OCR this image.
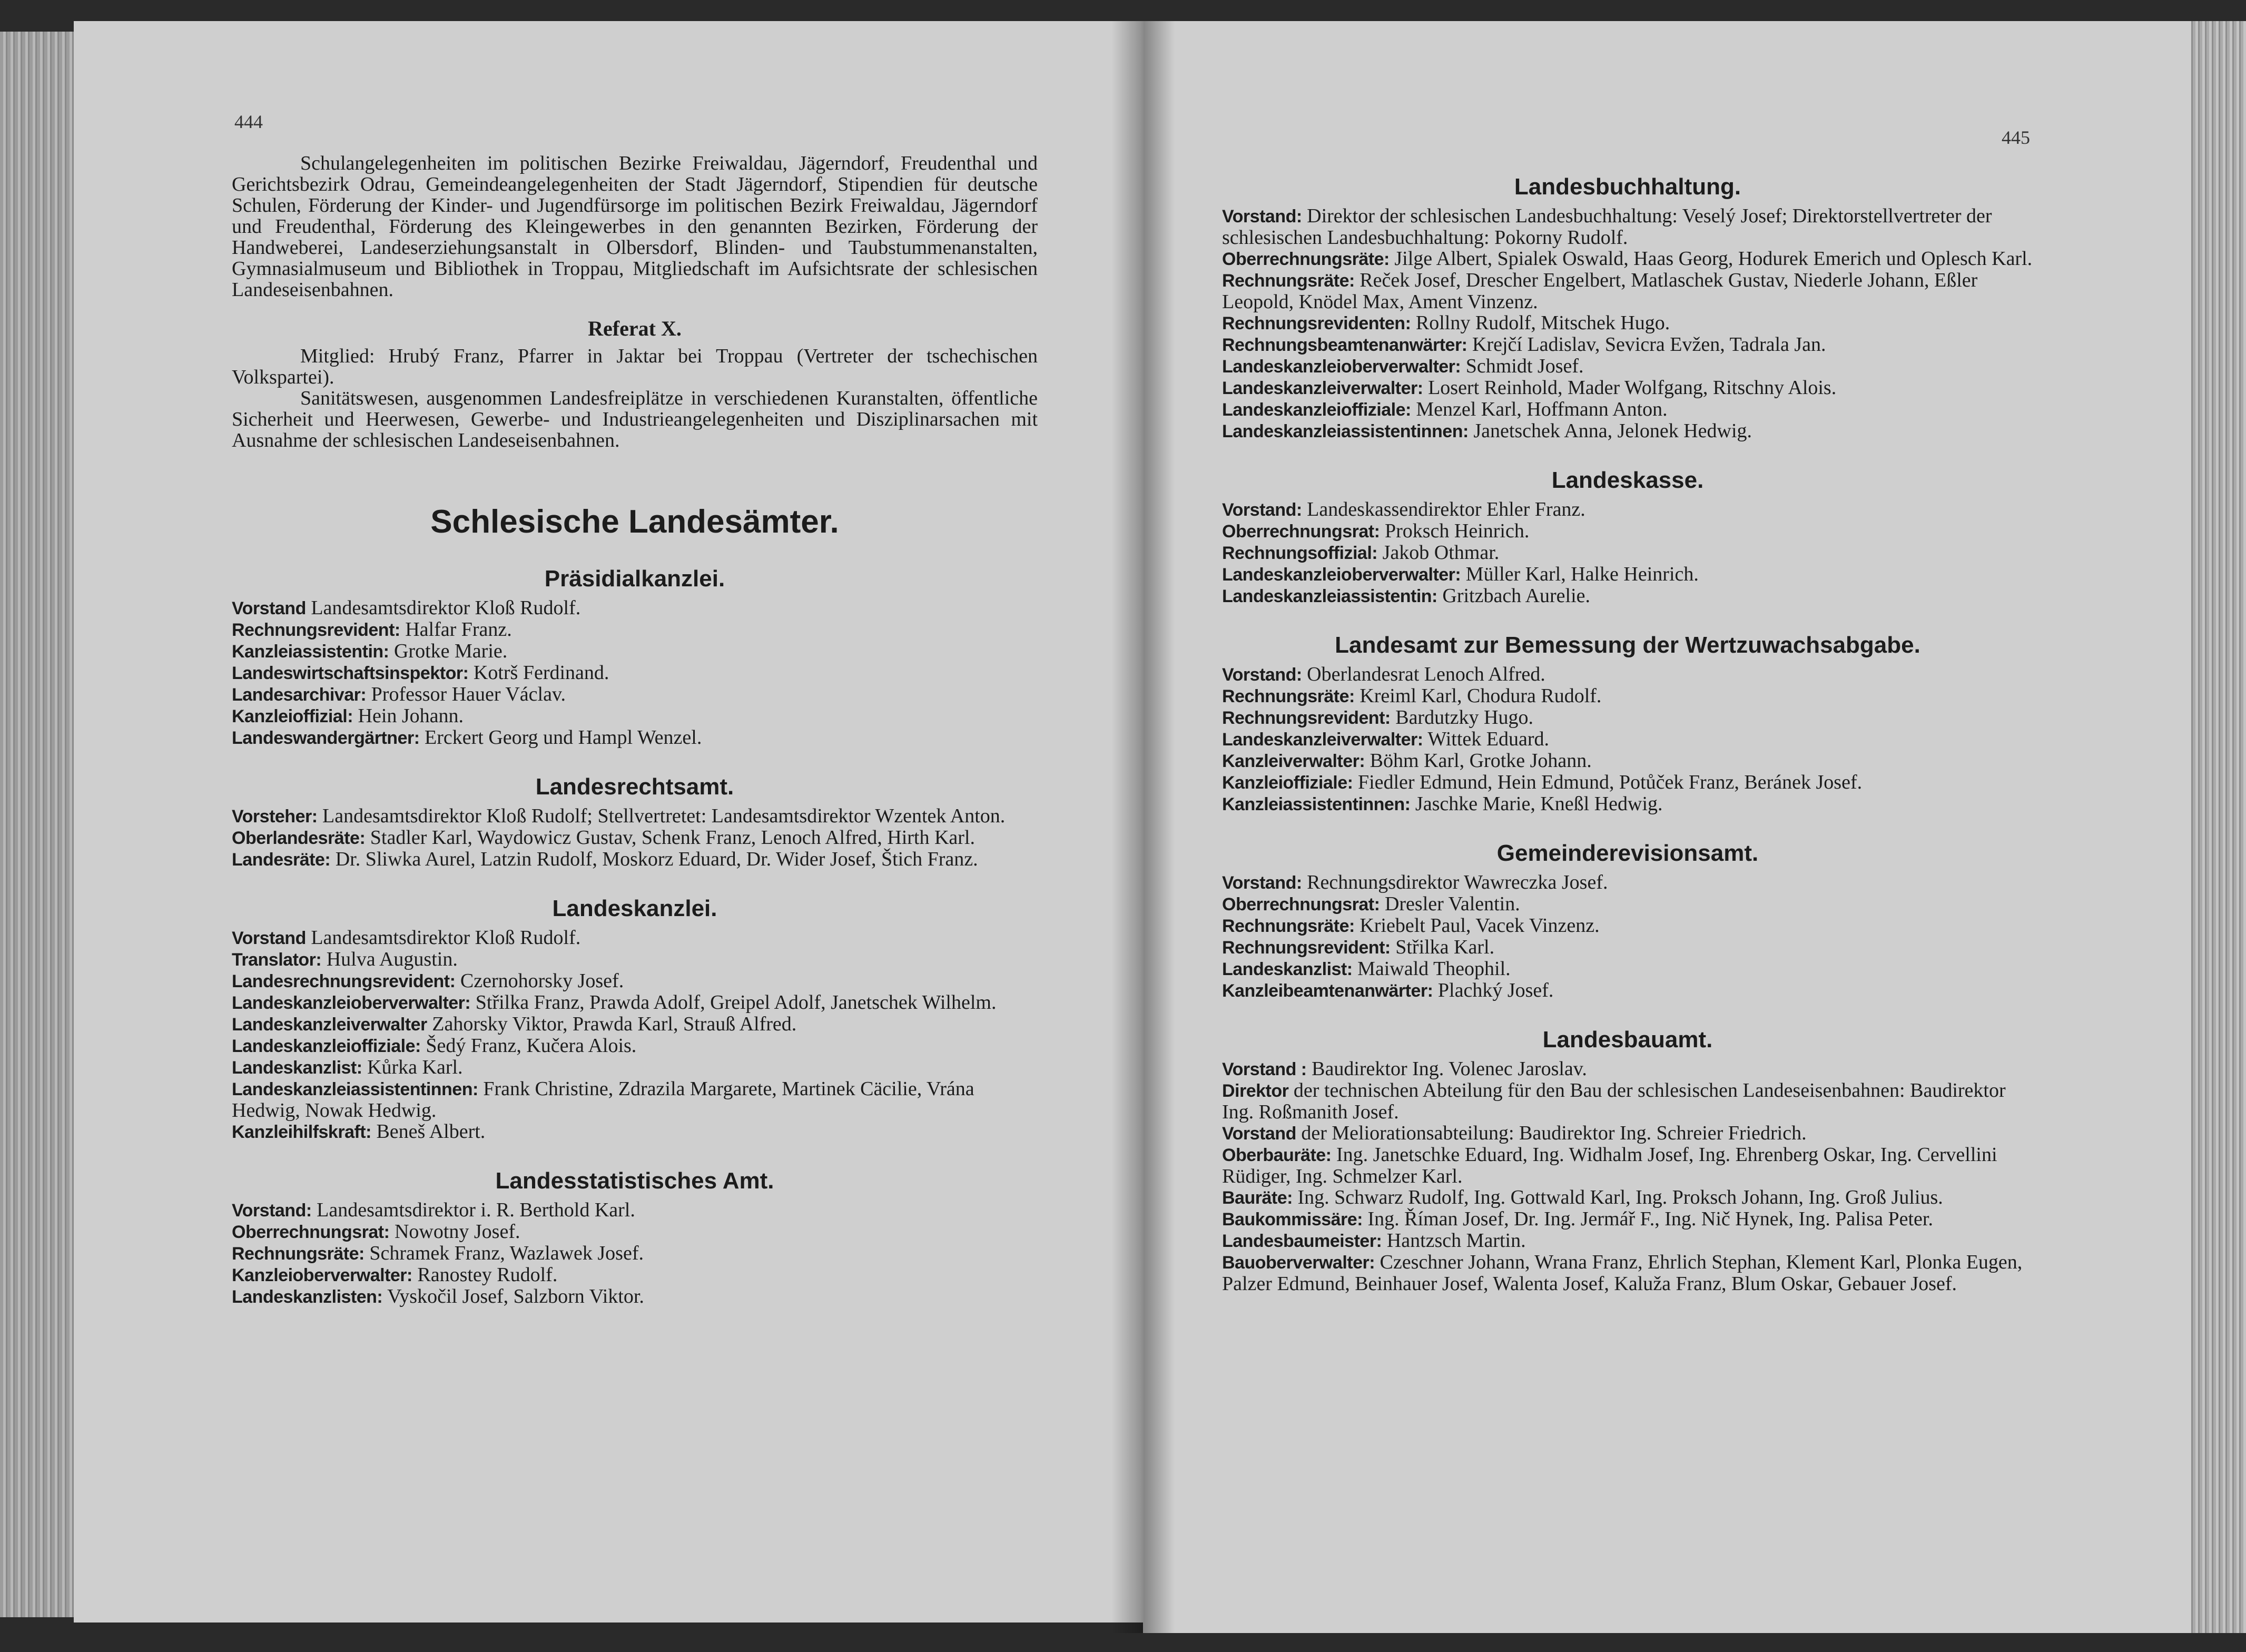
444
445

Schulangelegenheiten im politischen Bezirke Freiwaldau, Jägerndorf, Freudenthal und Gerichtsbezirk Odrau, Gemeindeangelegenheiten der Stadt Jägerndorf, Stipendien für deutsche Schulen, Förderung der Kinder- und Jugendfürsorge im politischen Bezirk Freiwaldau, Jägerndorf und Freudenthal, Förderung des Kleingewerbes in den genannten Bezirken, Förderung der Handweberei, Landeserziehungsanstalt in Olbersdorf, Blinden- und Taubstummenanstalten, Gymnasialmuseum und Bibliothek in Troppau, Mitgliedschaft im Aufsichtsrate der schlesischen Landeseisenbahnen.

Referat X.

Mitglied: Hrubý Franz, Pfarrer in Jaktar bei Troppau (Vertreter der tschechischen Volkspartei).

Sanitätswesen, ausgenommen Landesfreiplätze in verschiedenen Kuranstalten, öffentliche Sicherheit und Heerwesen, Gewerbe- und Industrieangelegenheiten und Disziplinarsachen mit Ausnahme der schlesischen Landeseisenbahnen.

Schlesische Landesämter.
Präsidialkanzlei.
Vorstand Landesamtsdirektor Kloß Rudolf.
Rechnungsrevident: Halfar Franz.
Kanzleiassistentin: Grotke Marie.
Landeswirtschaftsinspektor: Kotrš Ferdinand.
Landesarchivar: Professor Hauer Václav.
Kanzleioffizial: Hein Johann.
Landeswandergärtner: Erckert Georg und Hampl Wenzel.
Landesrechtsamt.
Vorsteher: Landesamtsdirektor Kloß Rudolf; Stellvertretet: Landesamtsdirektor Wzentek Anton.
Oberlandesräte: Stadler Karl, Waydowicz Gustav, Schenk Franz, Lenoch Alfred, Hirth Karl.
Landesräte: Dr. Sliwka Aurel, Latzin Rudolf, Moskorz Eduard, Dr. Wider Josef, Štich Franz.
Landeskanzlei.
Vorstand Landesamtsdirektor Kloß Rudolf.
Translator: Hulva Augustin.
Landesrechnungsrevident: Czernohorsky Josef.
Landeskanzleioberverwalter: Střilka Franz, Prawda Adolf, Greipel Adolf, Janetschek Wilhelm.
Landeskanzleiverwalter Zahorsky Viktor, Prawda Karl, Strauß Alfred.
Landeskanzleioffiziale: Šedý Franz, Kučera Alois.
Landeskanzlist: Kůrka Karl.
Landeskanzleiassistentinnen: Frank Christine, Zdrazila Margarete, Martinek Cäcilie, Vrána Hedwig, Nowak Hedwig.
Kanzleihilfskraft: Beneš Albert.
Landesstatistisches Amt.
Vorstand: Landesamtsdirektor i. R. Berthold Karl.
Oberrechnungsrat: Nowotny Josef.
Rechnungsräte: Schramek Franz, Wazlawek Josef.
Kanzleioberverwalter: Ranostey Rudolf.
Landeskanzlisten: Vyskočil Josef, Salzborn Viktor.
Landesbuchhaltung.
Vorstand: Direktor der schlesischen Landesbuchhaltung: Veselý Josef; Direktorstellvertreter der schlesischen Landesbuchhaltung: Pokorny Rudolf.
Oberrechnungsräte: Jilge Albert, Spialek Oswald, Haas Georg, Hodurek Emerich und Oplesch Karl.
Rechnungsräte: Reček Josef, Drescher Engelbert, Matlaschek Gustav, Niederle Johann, Eßler Leopold, Knödel Max, Ament Vinzenz.
Rechnungsrevidenten: Rollny Rudolf, Mitschek Hugo.
Rechnungsbeamtenanwärter: Krejčí Ladislav, Sevicra Evžen, Tadrala Jan.
Landeskanzleioberverwalter: Schmidt Josef.
Landeskanzleiverwalter: Losert Reinhold, Mader Wolfgang, Ritschny Alois.
Landeskanzleioffiziale: Menzel Karl, Hoffmann Anton.
Landeskanzleiassistentinnen: Janetschek Anna, Jelonek Hedwig.
Landeskasse.
Vorstand: Landeskassendirektor Ehler Franz.
Oberrechnungsrat: Proksch Heinrich.
Rechnungsoffizial: Jakob Othmar.
Landeskanzleioberverwalter: Müller Karl, Halke Heinrich.
Landeskanzleiassistentin: Gritzbach Aurelie.
Landesamt zur Bemessung der Wertzuwachsabgabe.
Vorstand: Oberlandesrat Lenoch Alfred.
Rechnungsräte: Kreiml Karl, Chodura Rudolf.
Rechnungsrevident: Bardutzky Hugo.
Landeskanzleiverwalter: Wittek Eduard.
Kanzleiverwalter: Böhm Karl, Grotke Johann.
Kanzleioffiziale: Fiedler Edmund, Hein Edmund, Potůček Franz, Beránek Josef.
Kanzleiassistentinnen: Jaschke Marie, Kneßl Hedwig.
Gemeinderevisionsamt.
Vorstand: Rechnungsdirektor Wawreczka Josef.
Oberrechnungsrat: Dresler Valentin.
Rechnungsräte: Kriebelt Paul, Vacek Vinzenz.
Rechnungsrevident: Střilka Karl.
Landeskanzlist: Maiwald Theophil.
Kanzleibeamtenanwärter: Plachký Josef.
Landesbauamt.
Vorstand : Baudirektor Ing. Volenec Jaroslav.
Direktor der technischen Abteilung für den Bau der schlesischen Landeseisenbahnen: Baudirektor Ing. Roßmanith Josef.
Vorstand der Meliorationsabteilung: Baudirektor Ing. Schreier Friedrich.
Oberbauräte: Ing. Janetschke Eduard, Ing. Widhalm Josef, Ing. Ehrenberg Oskar, Ing. Cervellini Rüdiger, Ing. Schmelzer Karl.
Bauräte: Ing. Schwarz Rudolf, Ing. Gottwald Karl, Ing. Proksch Johann, Ing. Groß Julius.
Baukommissäre: Ing. Říman Josef, Dr. Ing. Jermář F., Ing. Nič Hynek, Ing. Palisa Peter.
Landesbaumeister: Hantzsch Martin.
Bauoberverwalter: Czeschner Johann, Wrana Franz, Ehrlich Stephan, Klement Karl, Plonka Eugen, Palzer Edmund, Beinhauer Josef, Walenta Josef, Kaluža Franz, Blum Oskar, Gebauer Josef.
